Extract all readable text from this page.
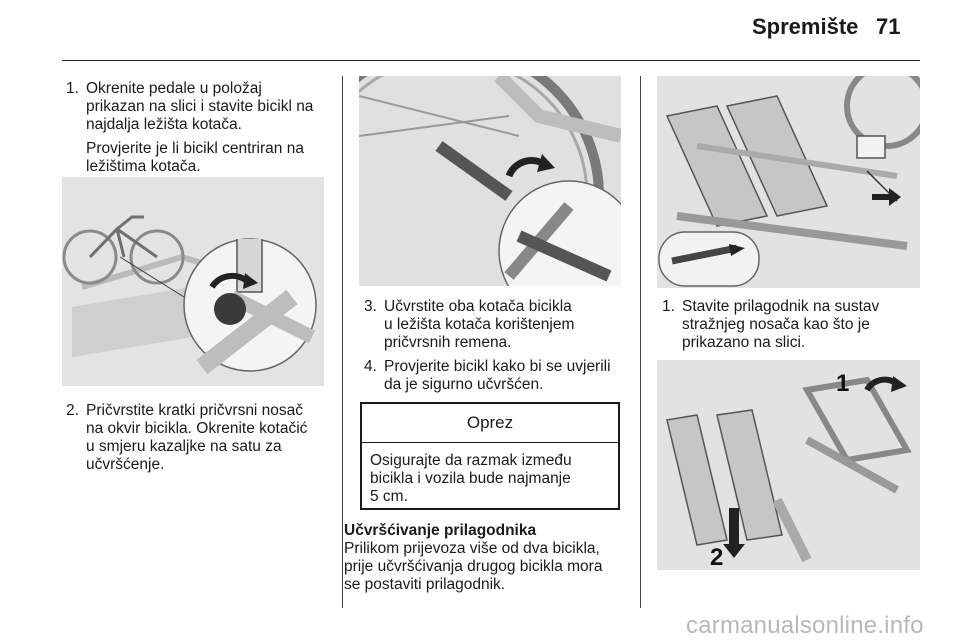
Spremište 71
1. Okrenite pedale u položaj
prikazan na slici i stavite bicikl na
najdalja ležišta kotača.
Provjerite je li bicikl centriran na
ležištima kotača.
2. Pričvrstite kratki pričvrsni nosač
na okvir bicikla. Okrenite kotačić
u smjeru kazaljke na satu za
učvršćenje.
3. Učvrstite oba kotača bicikla
u ležišta kotača korištenjem
pričvrsnih remena.
4. Provjerite bicikl kako bi se uvjerili
da je sigurno učvršćen.
Oprez
Osigurajte da razmak između
bicikla i vozila bude najmanje
5 cm.
Učvršćivanje prilagodnika
Prilikom prijevoza više od dva bicikla,
prije učvršćivanja drugog bicikla mora
se postaviti prilagodnik.
1. Stavite prilagodnik na sustav
stražnjeg nosača kao što je
prikazano na slici.
1
2
carmanualsonline.info
